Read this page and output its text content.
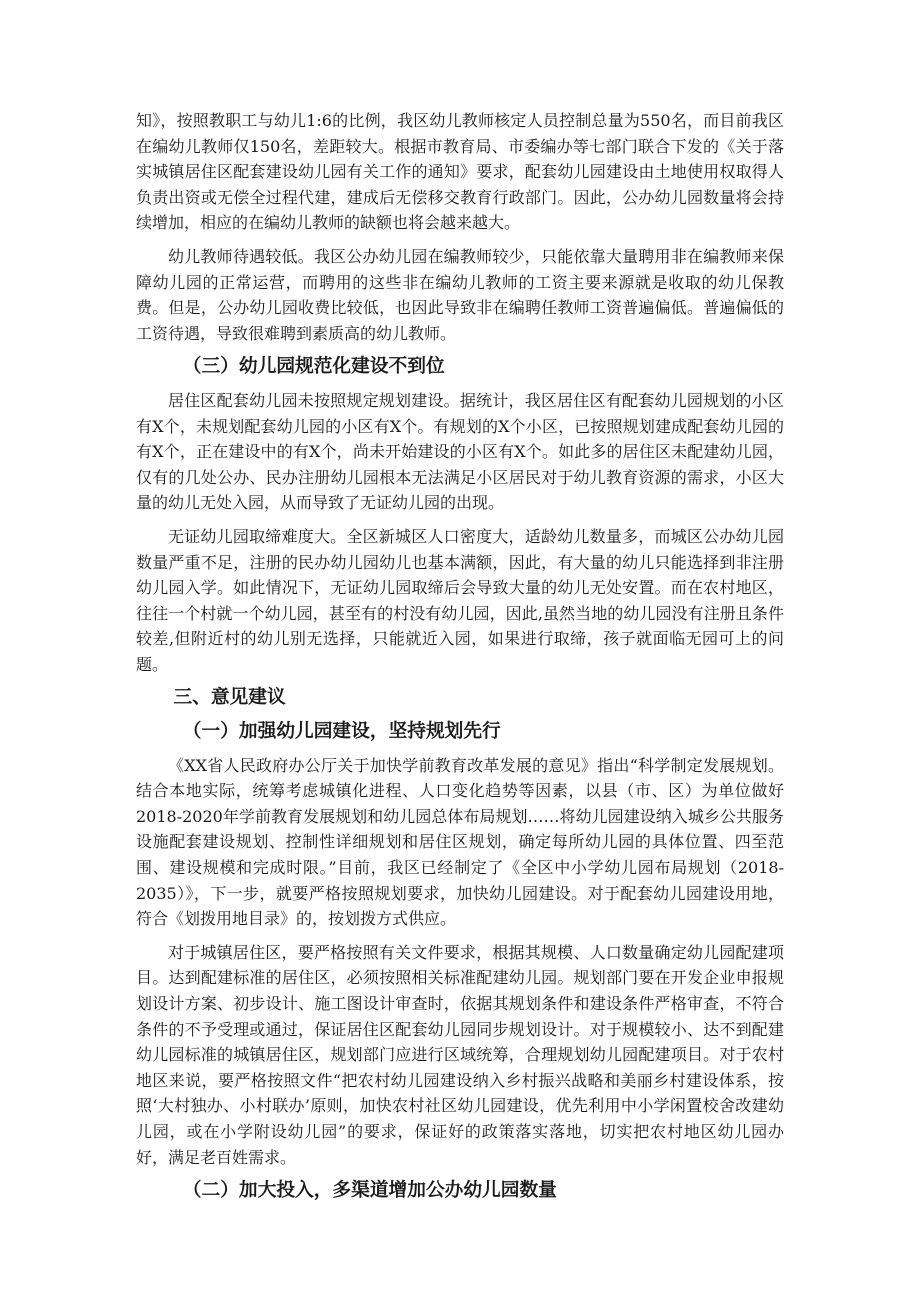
知》，按照教职工与幼儿1:6的比例，我区幼儿教师核定人员控制总量为550名，而目前我区在编幼儿教师仅150名，差距较大。根据市教育局、市委编办等七部门联合下发的《关于落实城镇居住区配套建设幼儿园有关工作的通知》要求，配套幼儿园建设由土地使用权取得人负责出资或无偿全过程代建，建成后无偿移交教育行政部门。因此，公办幼儿园数量将会持续增加，相应的在编幼儿教师的缺额也将会越来越大。

幼儿教师待遇较低。我区公办幼儿园在编教师较少，只能依靠大量聘用非在编教师来保障幼儿园的正常运营，而聘用的这些非在编幼儿教师的工资主要来源就是收取的幼儿保教费。但是，公办幼儿园收费比较低，也因此导致非在编聘任教师工资普遍偏低。普遍偏低的工资待遇，导致很难聘到素质高的幼儿教师。

（三）幼儿园规范化建设不到位

居住区配套幼儿园未按照规定规划建设。据统计，我区居住区有配套幼儿园规划的小区有X个，未规划配套幼儿园的小区有X个。有规划的X个小区，已按照规划建成配套幼儿园的有X个，正在建设中的有X个，尚未开始建设的小区有X个。如此多的居住区未配建幼儿园，仅有的几处公办、民办注册幼儿园根本无法满足小区居民对于幼儿教育资源的需求，小区大量的幼儿无处入园，从而导致了无证幼儿园的出现。

无证幼儿园取缔难度大。全区新城区人口密度大，适龄幼儿数量多，而城区公办幼儿园数量严重不足，注册的民办幼儿园幼儿也基本满额，因此，有大量的幼儿只能选择到非注册幼儿园入学。如此情况下，无证幼儿园取缔后会导致大量的幼儿无处安置。而在农村地区，往往一个村就一个幼儿园，甚至有的村没有幼儿园，因此,虽然当地的幼儿园没有注册且条件较差,但附近村的幼儿别无选择，只能就近入园，如果进行取缔，孩子就面临无园可上的问题。

三、意见建议
（一）加强幼儿园建设，坚持规划先行

《XX省人民政府办公厅关于加快学前教育改革发展的意见》指出“科学制定发展规划。结合本地实际，统筹考虑城镇化进程、人口变化趋势等因素，以县（市、区）为单位做好2018-2020年学前教育发展规划和幼儿园总体布局规划……将幼儿园建设纳入城乡公共服务设施配套建设规划、控制性详细规划和居住区规划，确定每所幼儿园的具体位置、四至范围、建设规模和完成时限。”目前，我区已经制定了《全区中小学幼儿园布局规划（2018-2035）》，下一步，就要严格按照规划要求，加快幼儿园建设。对于配套幼儿园建设用地，符合《划拨用地目录》的，按划拨方式供应。

对于城镇居住区，要严格按照有关文件要求，根据其规模、人口数量确定幼儿园配建项目。达到配建标准的居住区，必须按照相关标准配建幼儿园。规划部门要在开发企业申报规划设计方案、初步设计、施工图设计审查时，依据其规划条件和建设条件严格审查，不符合条件的不予受理或通过，保证居住区配套幼儿园同步规划设计。对于规模较小、达不到配建幼儿园标准的城镇居住区，规划部门应进行区域统筹，合理规划幼儿园配建项目。对于农村地区来说，要严格按照文件“把农村幼儿园建设纳入乡村振兴战略和美丽乡村建设体系，按照‘大村独办、小村联办’原则，加快农村社区幼儿园建设，优先利用中小学闲置校舍改建幼儿园，或在小学附设幼儿园”的要求，保证好的政策落实落地，切实把农村地区幼儿园办好，满足老百姓需求。

（二）加大投入，多渠道增加公办幼儿园数量
